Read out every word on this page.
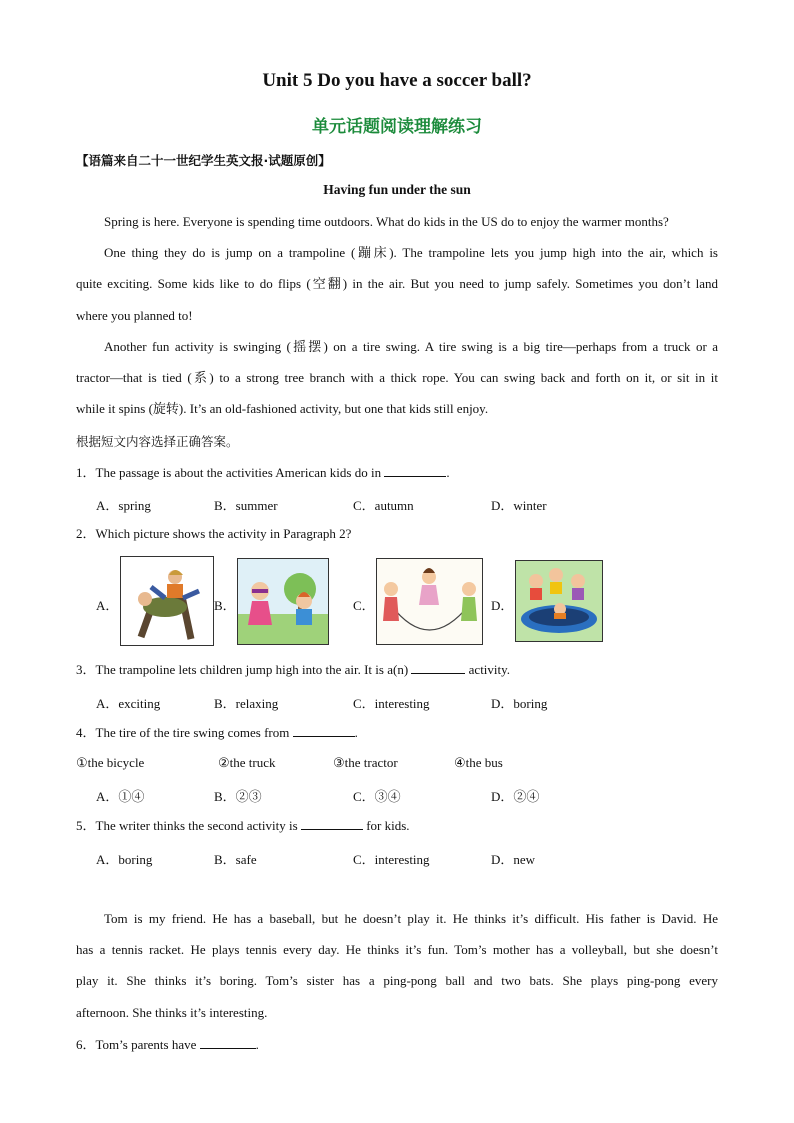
Unit 5 Do you have a soccer ball?
单元话题阅读理解练习
【语篇来自二十一世纪学生英文报·试题原创】
Having fun under the sun
Spring is here. Everyone is spending time outdoors. What do kids in the US do to enjoy the warmer months?
One thing they do is jump on a trampoline (蹦床). The trampoline lets you jump high into the air, which is
quite exciting. Some kids like to do flips (空翻) in the air. But you need to jump safely. Sometimes you don’t land
where you planned to!
Another fun activity is swinging (摇摆) on a tire swing. A tire swing is a big tire—perhaps from a truck or a
tractor—that is tied (系) to a strong tree branch with a thick rope. You can swing back and forth on it, or sit in it
while it spins (旋转). It’s an old-fashioned activity, but one that kids still enjoy.
根据短文内容选择正确答案。
1．The passage is about the activities American kids do in	.
A．spring	B．summer	C．autumn	D．winter
2．Which picture shows the activity in Paragraph 2?
A．	B．	C．	D．
3．The trampoline lets children jump high into the air. It is a(n)	activity.
A．exciting	B．relaxing	C．interesting	D．boring
4．The tire of the tire swing comes from	.
①the bicycle	②the truck	③the tractor	④the bus
A．①④	B．②③	C．③④	D．②④
5．The writer thinks the second activity is	for kids.
A．boring	B．safe	C．interesting	D．new
Tom is my friend. He has a baseball, but he doesn’t play it. He thinks it’s difficult. His father is David. He
has a tennis racket. He plays tennis every day. He thinks it’s fun. Tom’s mother has a volleyball, but she doesn’t
play it. She thinks it’s boring. Tom’s sister has a ping-pong ball and two bats. She plays ping-pong every
afternoon. She thinks it’s interesting.
6．Tom’s parents have	.
